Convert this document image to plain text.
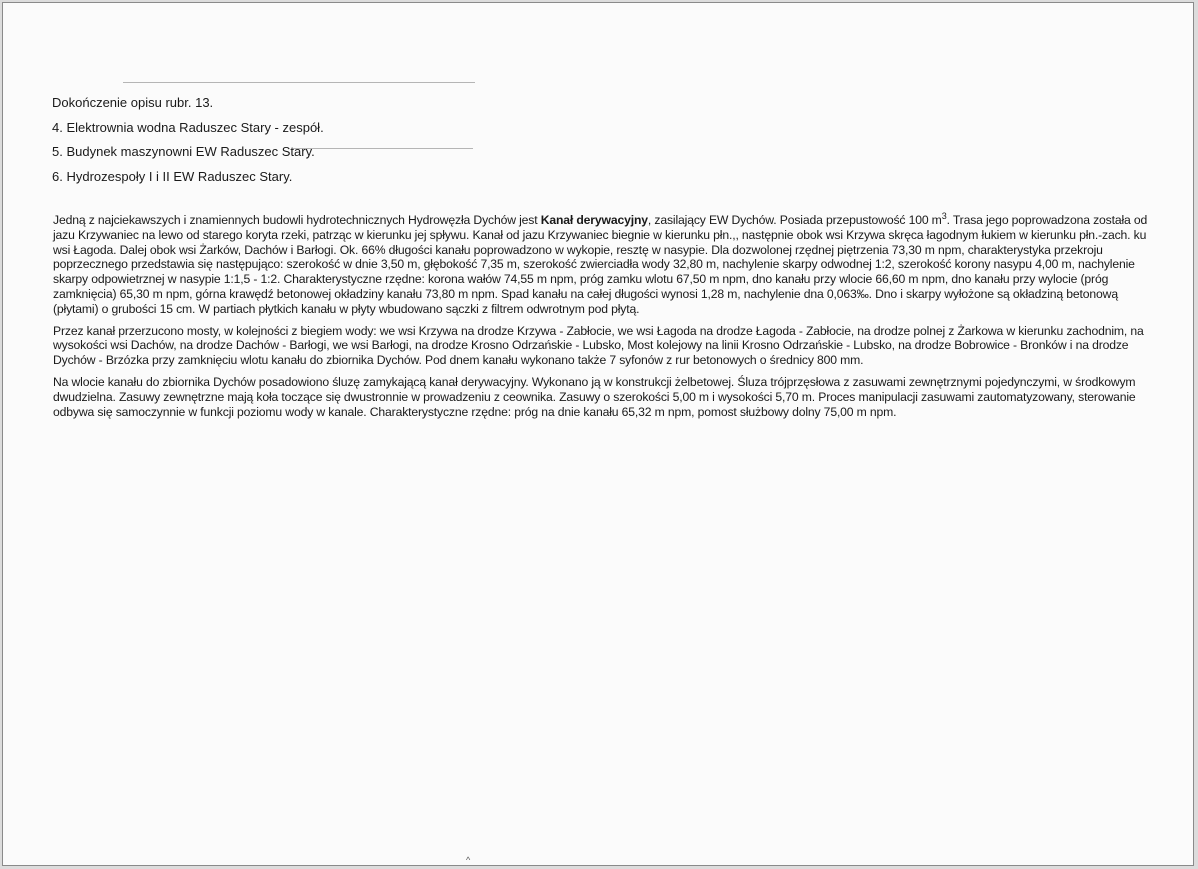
Dokończenie opisu rubr. 13.
4. Elektrownia wodna Raduszec Stary - zespół.
5. Budynek maszynowni EW Raduszec Stary.
6. Hydrozespoły I i II EW Raduszec Stary.

Jedną z najciekawszych i znamiennych budowli hydrotechnicznych Hydrowęzła Dychów jest Kanał derywacyjny, zasilający EW Dychów. Posiada przepustowość 100 $m^3$. Trasa jego poprowadzona została od jazu Krzywaniec na lewo od starego koryta rzeki, patrząc w kierunku jej spływu. Kanał od jazu Krzywaniec biegnie w kierunku płn.,, następnie obok wsi Krzywa skręca łagodnym łukiem w kierunku płn.-zach. ku wsi Łagoda. Dalej obok wsi Żarków, Dachów i Barłogi. Ok. 66% długości kanału poprowadzono w wykopie, resztę w nasypie. Dla dozwolonej rzędnej piętrzenia 73,30 m npm, charakterystyka przekroju poprzecznego przedstawia się następująco: szerokość w dnie 3,50 m, głębokość 7,35 m, szerokość zwierciadła wody 32,80 m, nachylenie skarpy odwodnej 1:2, szerokość korony nasypu 4,00 m, nachylenie skarpy odpowietrznej w nasypie 1:1,5 - 1:2. Charakterystyczne rzędne: korona wałów 74,55 m npm, próg zamku wlotu 67,50 m npm, dno kanału przy wlocie 66,60 m npm, dno kanału przy wylocie (próg zamknięcia) 65,30 m npm, górna krawędź betonowej okładziny kanału 73,80 m npm. Spad kanału na całej długości wynosi 1,28 m, nachylenie dna 0,063‰. Dno i skarpy wyłożone są okładziną betonową (płytami) o grubości 15 cm. W partiach płytkich kanału w płyty wbudowano sączki z filtrem odwrotnym pod płytą.

Przez kanał przerzucono mosty, w kolejności z biegiem wody: we wsi Krzywa na drodze Krzywa - Zabłocie, we wsi Łagoda na drodze Łagoda - Zabłocie, na drodze polnej z Żarkowa w kierunku zachodnim, na wysokości wsi Dachów, na drodze Dachów - Barłogi, we wsi Barłogi, na drodze Krosno Odrzańskie - Lubsko, Most kolejowy na linii Krosno Odrzańskie - Lubsko, na drodze Bobrowice - Bronków i na drodze Dychów - Brzózka przy zamknięciu wlotu kanału do zbiornika Dychów. Pod dnem kanału wykonano także 7 syfonów z rur betonowych o średnicy 800 mm.

Na wlocie kanału do zbiornika Dychów posadowiono śluzę zamykającą kanał derywacyjny. Wykonano ją w konstrukcji żelbetowej. Śluza trójprzęsłowa z zasuwami zewnętrznymi pojedynczymi, w środkowym dwudzielna. Zasuwy zewnętrzne mają koła toczące się dwustronnie w prowadzeniu z ceownika. Zasuwy o szerokości 5,00 m i wysokości 5,70 m. Proces manipulacji zasuwami zautomatyzowany, sterowanie odbywa się samoczynnie w funkcji poziomu wody w kanale. Charakterystyczne rzędne: próg na dnie kanału 65,32 m npm, pomost służbowy dolny 75,00 m npm.

^
